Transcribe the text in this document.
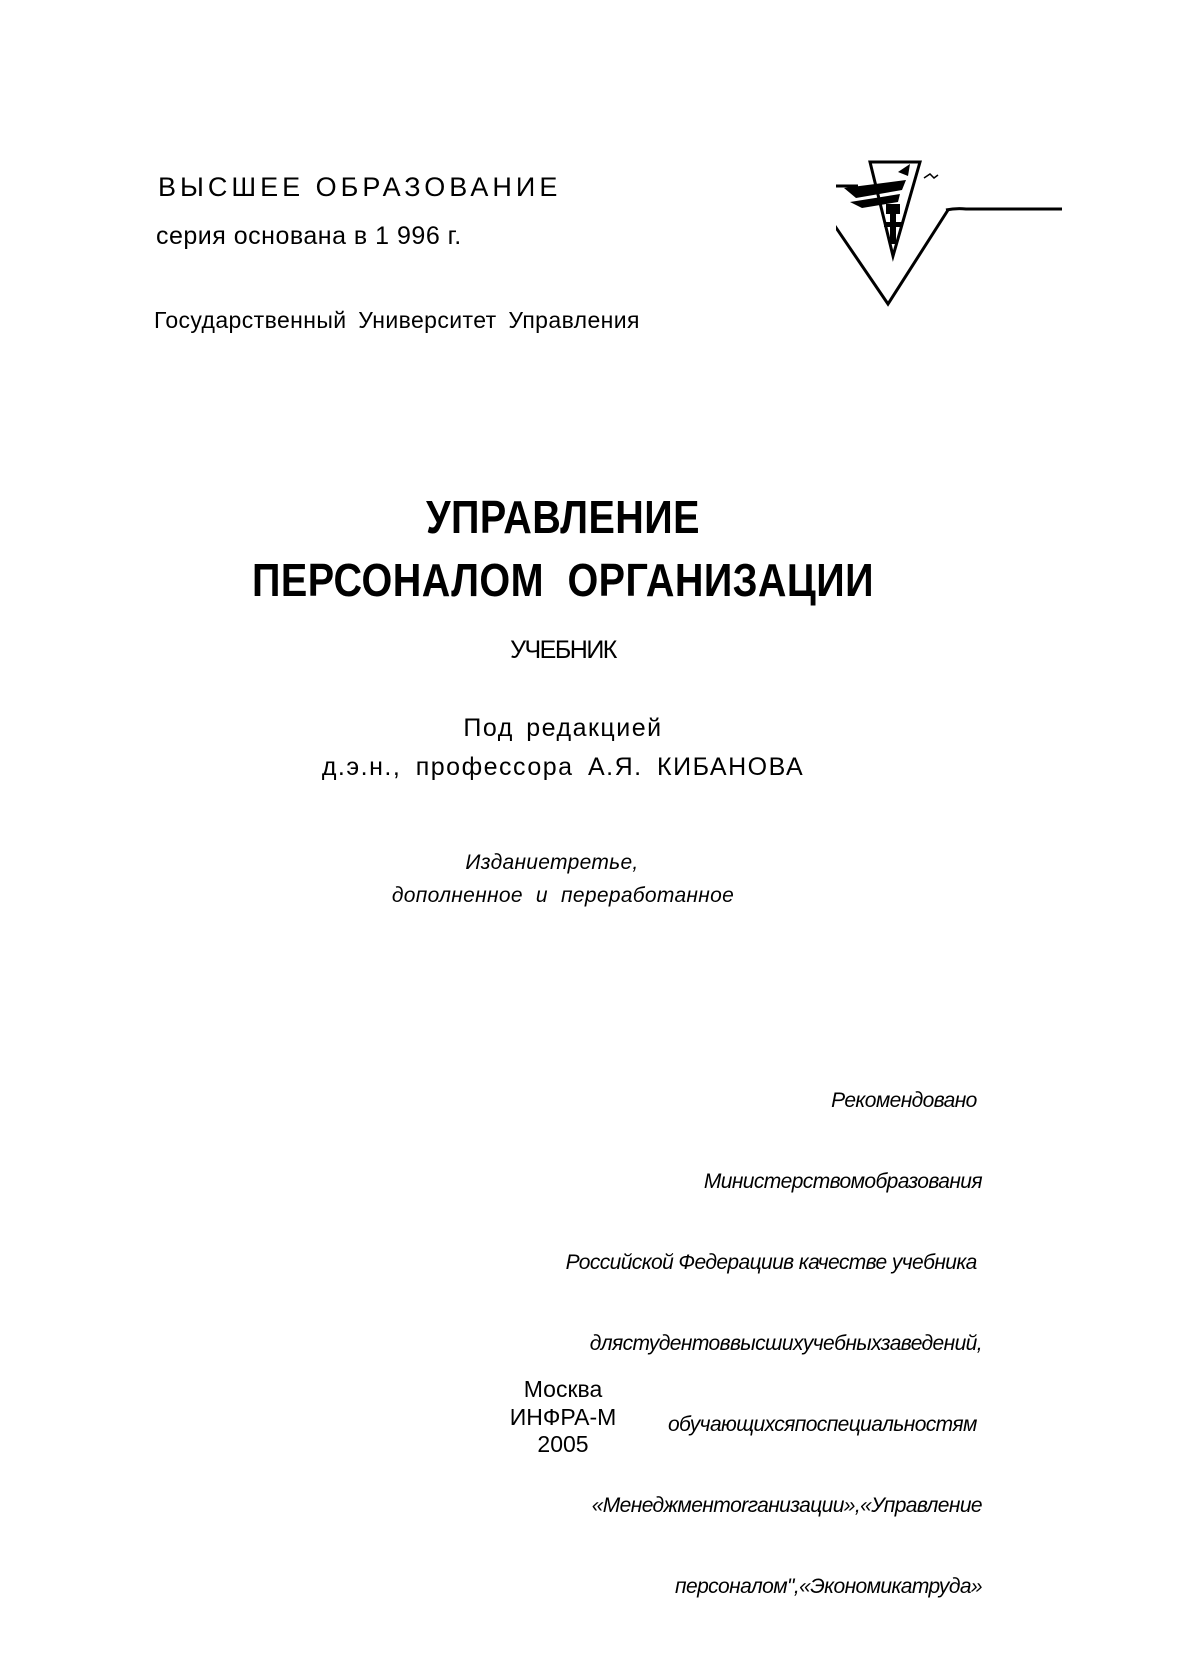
ВЫСШЕЕ ОБРАЗОВАНИЕ
серия основана в 1 996 г.
Государственный Университет Управления
УПРАВЛЕНИЕ
ПЕРСОНАЛОМ ОРГАНИЗАЦИИ
УЧЕБНИК
Под редакцией
д.э.н., профессора А.Я. КИБАНОВА
Изданиетретье,
дополненное и переработанное

Рекомендовано

Министерствомобразования

Российской Федерациив качестве учебника

длястудентоввысшихучебныхзаведений,

обучающихсяпоспециальностям

«Менеджментorганизации»,«Управление

персоналом",«Экономикатруда»

Москва
ИНФРА-М
2005
